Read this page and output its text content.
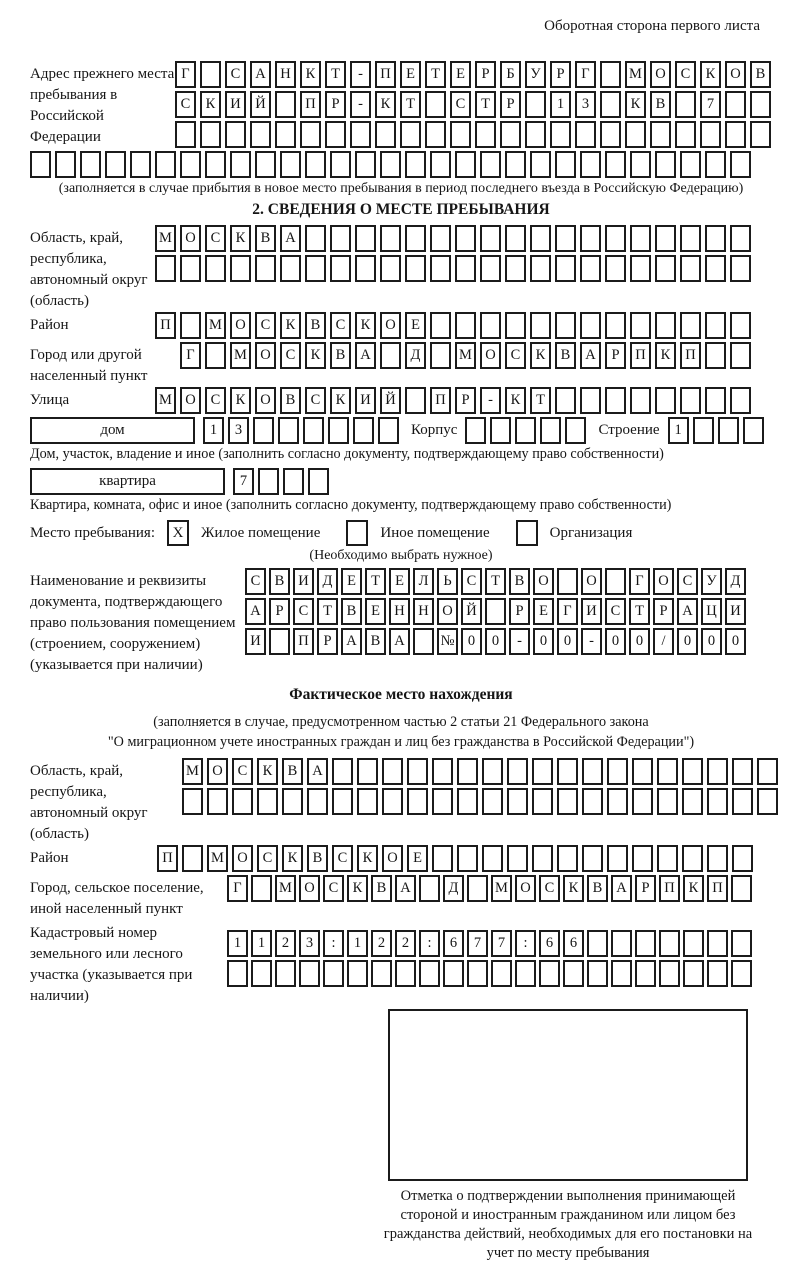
Оборотная сторона первого листа
Адрес прежнего места пребывания в Российской Федерации
Г	С	А	Н	К	Т	-	П	Е	Т	Е	Р	Б	У	Р	Г	М О	С	К	О	В
С	К	И	Й	П	Р	-	К	Т	С	Т	Р	1	3	К	В	7
(заполняется в случае прибытия в новое место пребывания в период последнего въезда в Российскую Федерацию)
2. СВЕДЕНИЯ О МЕСТЕ ПРЕБЫВАНИЯ
Область, край, республика, автономный округ (область)
М О	С	К	В	А
Район	П	М О	С	К	В	С	К	О	Е
Город или другой населенный пункт
Г	М О	С	К	В	А	Д	М О	С	К	В	А	Р	П	К	П
Улица	М О	С	К	О	В	С	К	И	Й	П	Р	-	К	Т
дом	1	3	Корпус	Строение	1
Дом, участок, владение и иное (заполнить согласно документу, подтверждающему право собственности)
квартира	7
Квартира, комната, офис и иное (заполнить согласно документу, подтверждающему право собственности)
Место пребывания:	X	Жилое помещение	Иное помещение	Организация
(Необходимо выбрать нужное)
Наименование и реквизиты документа, подтверждающего право пользования помещением (строением, сооружением) (указывается при наличии)
С В И Д	Е	Т	Е	Л	Ь	С	Т	В О	О	Г	О С У Д
А	Р	С	Т	В	Е Н Н О Й	Р	Е	Г	И С	Т	Р	А Ц И
И	П	Р	А В А	№ 0	0	-	0	0	-	0	0	/	0	0	0
Фактическое место нахождения
(заполняется в случае, предусмотренном частью 2 статьи 21 Федерального закона
"О миграционном учете иностранных граждан и лиц без гражданства в Российской Федерации")
Область, край, республика, автономный округ (область)
М О	С	К	В	А
Район	П	М О	С	К	В	С	К	О	Е
Город, сельское поселение, иной населенный пункт
Г	М О С К В А	Д	М О С К В А	Р	П К П
Кадастровый номер земельного или лесного участка (указывается при наличии)
1	1	2	3	:	1	2	2	:	6	7	7	:	6	6
Отметка о подтверждении выполнения принимающей стороной и иностранным гражданином или лицом без гражданства действий, необходимых для его постановки на учет по месту пребывания
